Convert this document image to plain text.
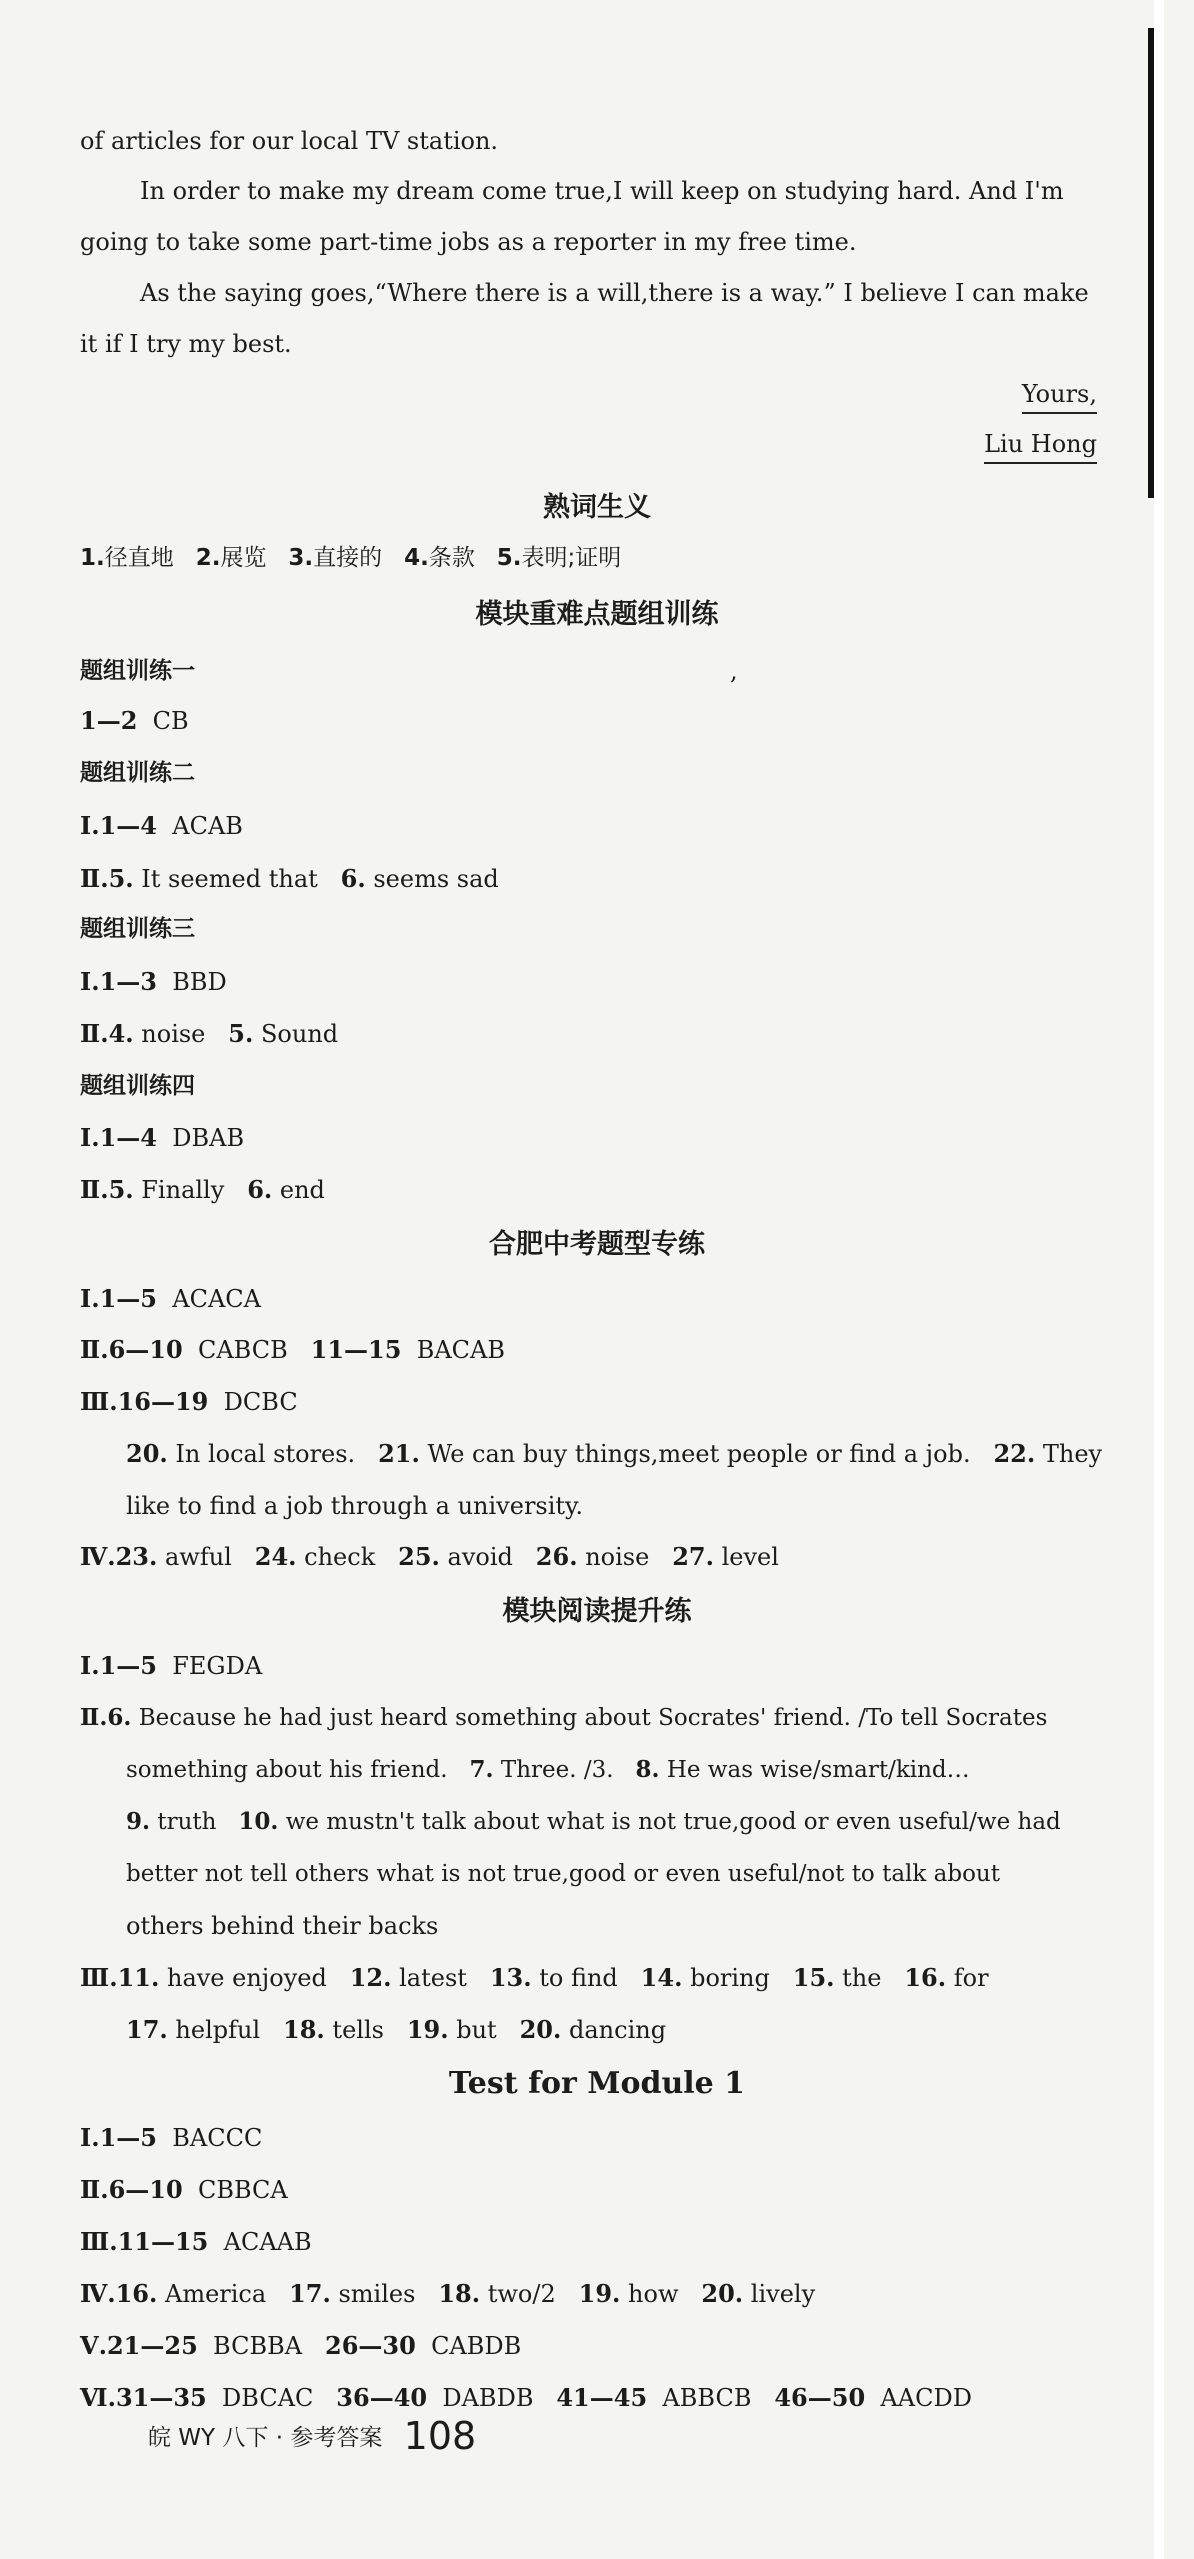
of articles for our local TV station.
In order to make my dream come true,I will keep on studying hard. And I'm
going to take some part-time jobs as a reporter in my free time.
As the saying goes,“Where there is a will,there is a way.” I believe I can make
it if I try my best.
Yours,
Liu Hong
熟词生义
1.径直地 2.展览 3.直接的 4.条款 5.表明;证明
模块重难点题组训练
,
题组训练一
1—2 CB
题组训练二
Ⅰ.1—4 ACAB
Ⅱ.5. It seemed that 6. seems sad
题组训练三
Ⅰ.1—3 BBD
Ⅱ.4. noise 5. Sound
题组训练四
Ⅰ.1—4 DBAB
Ⅱ.5. Finally 6. end
合肥中考题型专练
Ⅰ.1—5 ACACA
Ⅱ.6—10 CABCB 11—15 BACAB
Ⅲ.16—19 DCBC
20. In local stores. 21. We can buy things,meet people or find a job. 22. They
like to find a job through a university.
Ⅳ.23. awful 24. check 25. avoid 26. noise 27. level
模块阅读提升练
Ⅰ.1—5 FEGDA
Ⅱ.6. Because he had just heard something about Socrates' friend. /To tell Socrates
something about his friend. 7. Three. /3. 8. He was wise/smart/kind…
9. truth 10. we mustn't talk about what is not true,good or even useful/we had
better not tell others what is not true,good or even useful/not to talk about
others behind their backs
Ⅲ.11. have enjoyed 12. latest 13. to find 14. boring 15. the 16. for
17. helpful 18. tells 19. but 20. dancing
Test for Module 1
Ⅰ.1—5 BACCC
Ⅱ.6—10 CBBCA
Ⅲ.11—15 ACAAB
Ⅳ.16. America 17. smiles 18. two/2 19. how 20. lively
Ⅴ.21—25 BCBBA 26—30 CABDB
Ⅵ.31—35 DBCAC 36—40 DABDB 41—45 ABBCB 46—50 AACDD
皖 WY 八下 · 参考答案 108
